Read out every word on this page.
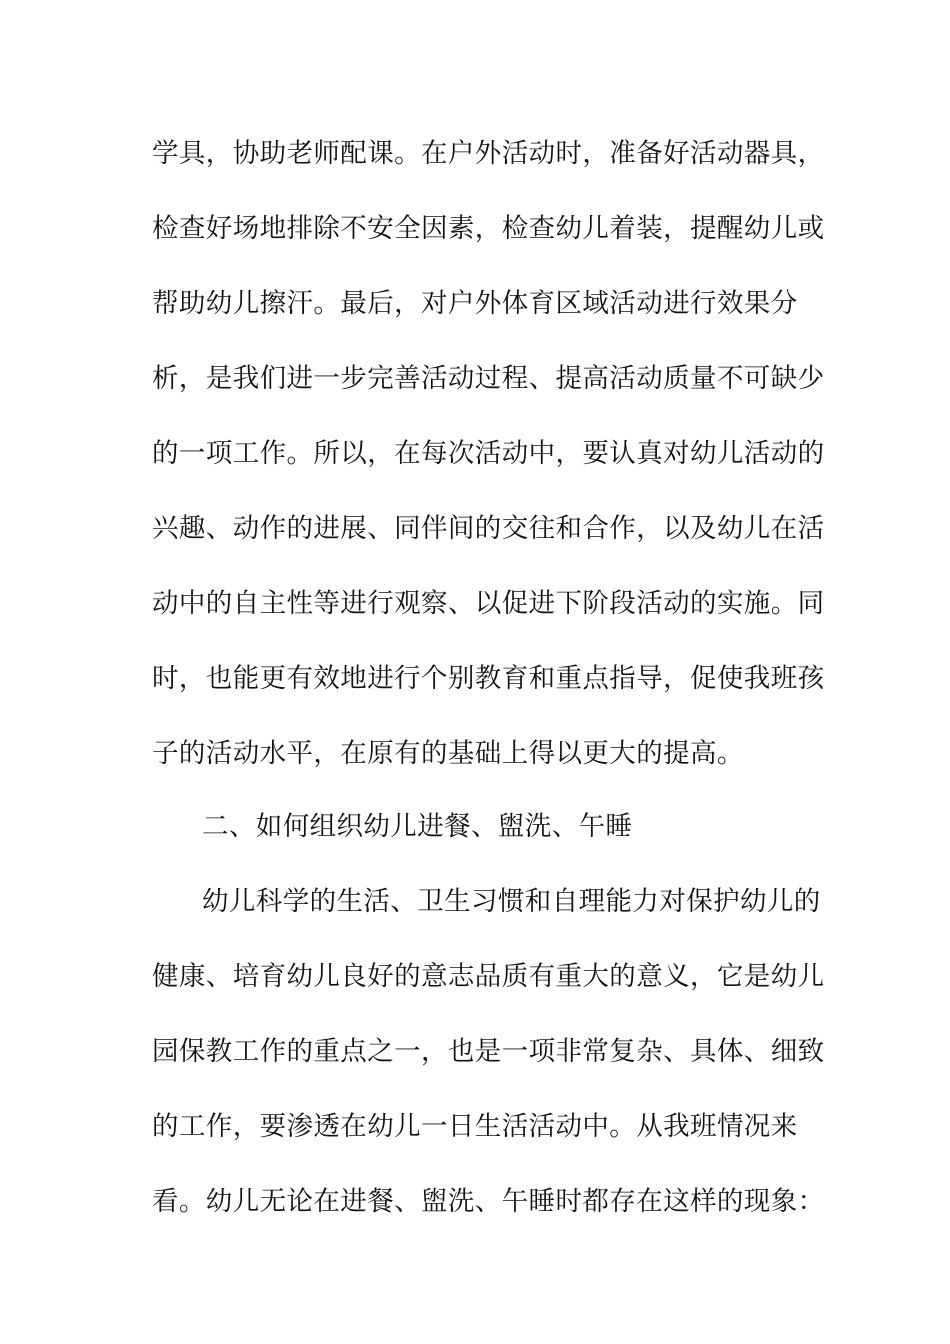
学具，协助老师配课。在户外活动时，准备好活动器具，
检查好场地排除不安全因素，检查幼儿着装，提醒幼儿或
帮助幼儿擦汗。最后，对户外体育区域活动进行效果分
析，是我们进一步完善活动过程、提高活动质量不可缺少
的一项工作。所以，在每次活动中，要认真对幼儿活动的
兴趣、动作的进展、同伴间的交往和合作，以及幼儿在活
动中的自主性等进行观察、以促进下阶段活动的实施。同
时，也能更有效地进行个别教育和重点指导，促使我班孩
子的活动水平，在原有的基础上得以更大的提高。
二、如何组织幼儿进餐、盥洗、午睡
幼儿科学的生活、卫生习惯和自理能力对保护幼儿的
健康、培育幼儿良好的意志品质有重大的意义，它是幼儿
园保教工作的重点之一，也是一项非常复杂、具体、细致
的工作，要渗透在幼儿一日生活活动中。从我班情况来
看。幼儿无论在进餐、盥洗、午睡时都存在这样的现象：
